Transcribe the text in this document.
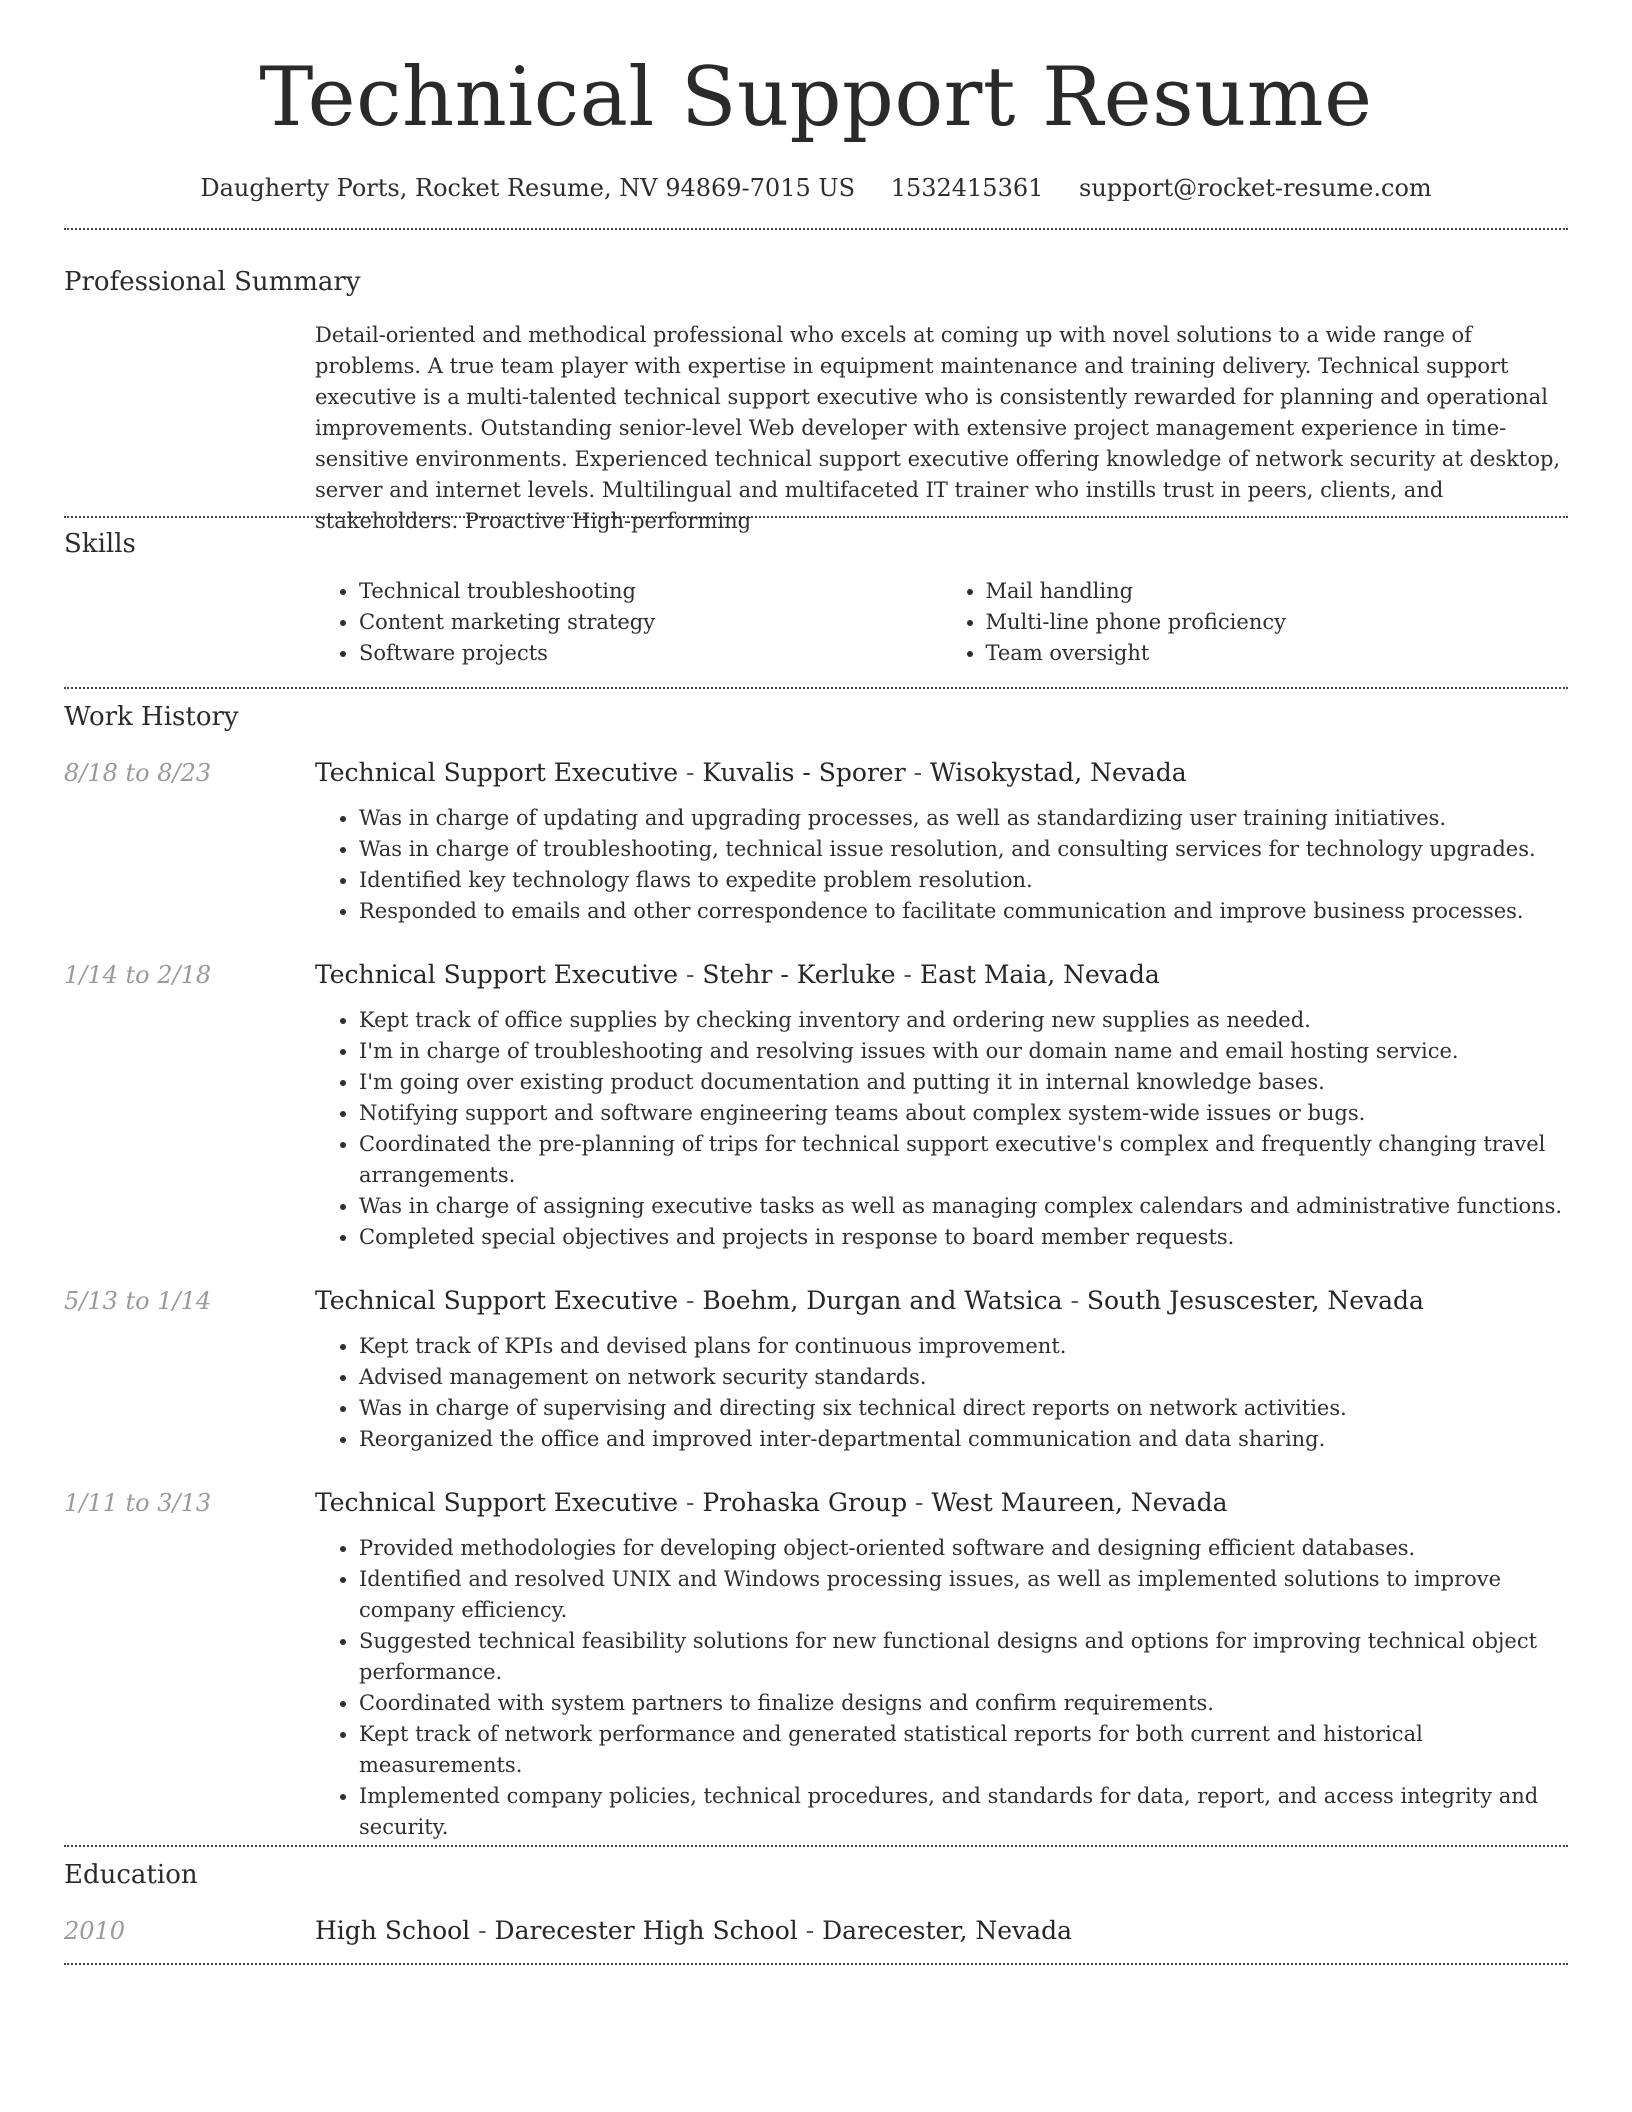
Technical Support Resume
Daugherty Ports, Rocket Resume, NV 94869-7015 US 1532415361 support@rocket-resume.com
Professional Summary
Detail-oriented and methodical professional who excels at coming up with novel solutions to a wide range of problems. A true team player with expertise in equipment maintenance and training delivery. Technical support executive is a multi-talented technical support executive who is consistently rewarded for planning and operational improvements. Outstanding senior-level Web developer with extensive project management experience in time-sensitive environments. Experienced technical support executive offering knowledge of network security at desktop, server and internet levels. Multilingual and multifaceted IT trainer who instills trust in peers, clients, and stakeholders. Proactive High-performing
Skills
• Technical troubleshooting
• Content marketing strategy
• Software projects
• Mail handling
• Multi-line phone proficiency
• Team oversight
Work History
8/18 to 8/23	Technical Support Executive - Kuvalis - Sporer - Wisokystad, Nevada
• Was in charge of updating and upgrading processes, as well as standardizing user training initiatives.
• Was in charge of troubleshooting, technical issue resolution, and consulting services for technology upgrades.
• Identified key technology flaws to expedite problem resolution.
• Responded to emails and other correspondence to facilitate communication and improve business processes.
1/14 to 2/18	Technical Support Executive - Stehr - Kerluke - East Maia, Nevada
• Kept track of office supplies by checking inventory and ordering new supplies as needed.
• I'm in charge of troubleshooting and resolving issues with our domain name and email hosting service.
• I'm going over existing product documentation and putting it in internal knowledge bases.
• Notifying support and software engineering teams about complex system-wide issues or bugs.
• Coordinated the pre-planning of trips for technical support executive's complex and frequently changing travel arrangements.
• Was in charge of assigning executive tasks as well as managing complex calendars and administrative functions.
• Completed special objectives and projects in response to board member requests.
5/13 to 1/14	Technical Support Executive - Boehm, Durgan and Watsica - South Jesuscester, Nevada
• Kept track of KPIs and devised plans for continuous improvement.
• Advised management on network security standards.
• Was in charge of supervising and directing six technical direct reports on network activities.
• Reorganized the office and improved inter-departmental communication and data sharing.
1/11 to 3/13	Technical Support Executive - Prohaska Group - West Maureen, Nevada
• Provided methodologies for developing object-oriented software and designing efficient databases.
• Identified and resolved UNIX and Windows processing issues, as well as implemented solutions to improve company efficiency.
• Suggested technical feasibility solutions for new functional designs and options for improving technical object performance.
• Coordinated with system partners to finalize designs and confirm requirements.
• Kept track of network performance and generated statistical reports for both current and historical measurements.
• Implemented company policies, technical procedures, and standards for data, report, and access integrity and security.
Education
2010	High School - Darecester High School - Darecester, Nevada
